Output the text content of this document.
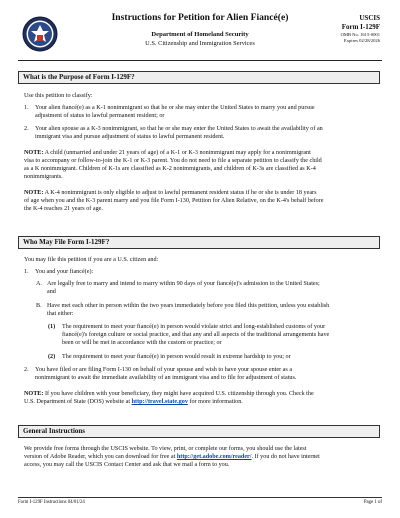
Instructions for Petition for Alien Fiancé(e)
Department of Homeland Security
U.S. Citizenship and Immigration Services
USCIS
Form I-129F
OMB No. 1615-0001
Expires 02/28/2026
What is the Purpose of Form I-129F?
Use this petition to classify:
1. Your alien fiancé(e) as a K-1 nonimmigrant so that he or she may enter the United States to marry you and pursue
adjustment of status to lawful permanent resident; or
2. Your alien spouse as a K-3 nonimmigrant, so that he or she may enter the United States to await the availability of an
immigrant visa and pursue adjustment of status to lawful permanent resident.

NOTE: A child (unmarried and under 21 years of age) of a K-1 or K-3 nonimmigrant may apply for a nonimmigrant

visa to accompany or follow-to-join the K-1 or K-3 parent. You do not need to file a separate petition to classify the child

as a K nonimmigrant. Children of K-1s are classified as K-2 nonimmigrants, and children of K-3s are classified as K-4

nonimmigrants.

NOTE: A K-4 nonimmigrant is only eligible to adjust to lawful permanent resident status if he or she is under 18 years

of age when you and the K-3 parent marry and you file Form I-130, Petition for Alien Relative, on the K-4's behalf before

the K-4 reaches 21 years of age.

Who May File Form I-129F?
You may file this petition if you are a U.S. citizen and:
1. You and your fiancé(e):
A. Are legally free to marry and intend to marry within 90 days of your fiancé(e)'s admission to the United States;
and
B. Have met each other in person within the two years immediately before you filed this petition, unless you establish
that either:
(1) The requirement to meet your fiancé(e) in person would violate strict and long-established customs of your
fiancé(e)'s foreign culture or social practice, and that any and all aspects of the traditional arrangements have
been or will be met in accordance with the custom or practice; or
(2) The requirement to meet your fiancé(e) in person would result in extreme hardship to you; or
2. You have filed or are filing Form I-130 on behalf of your spouse and wish to have your spouse enter as a
nonimmigrant to await the immediate availability of an immigrant visa and to file for adjustment of status.

NOTE: If you have children with your beneficiary, they might have acquired U.S. citizenship through you. Check the

U.S. Department of State (DOS) website at http://travel.state.gov for more information.

General Instructions

We provide free forms through the USCIS website. To view, print, or complete our forms, you should use the latest

version of Adobe Reader, which you can download for free at http://get.adobe.com/reader/. If you do not have internet

access, you may call the USCIS Contact Center and ask that we mail a form to you.

Form I-129F Instructions 04/01/24	Page 1 of
